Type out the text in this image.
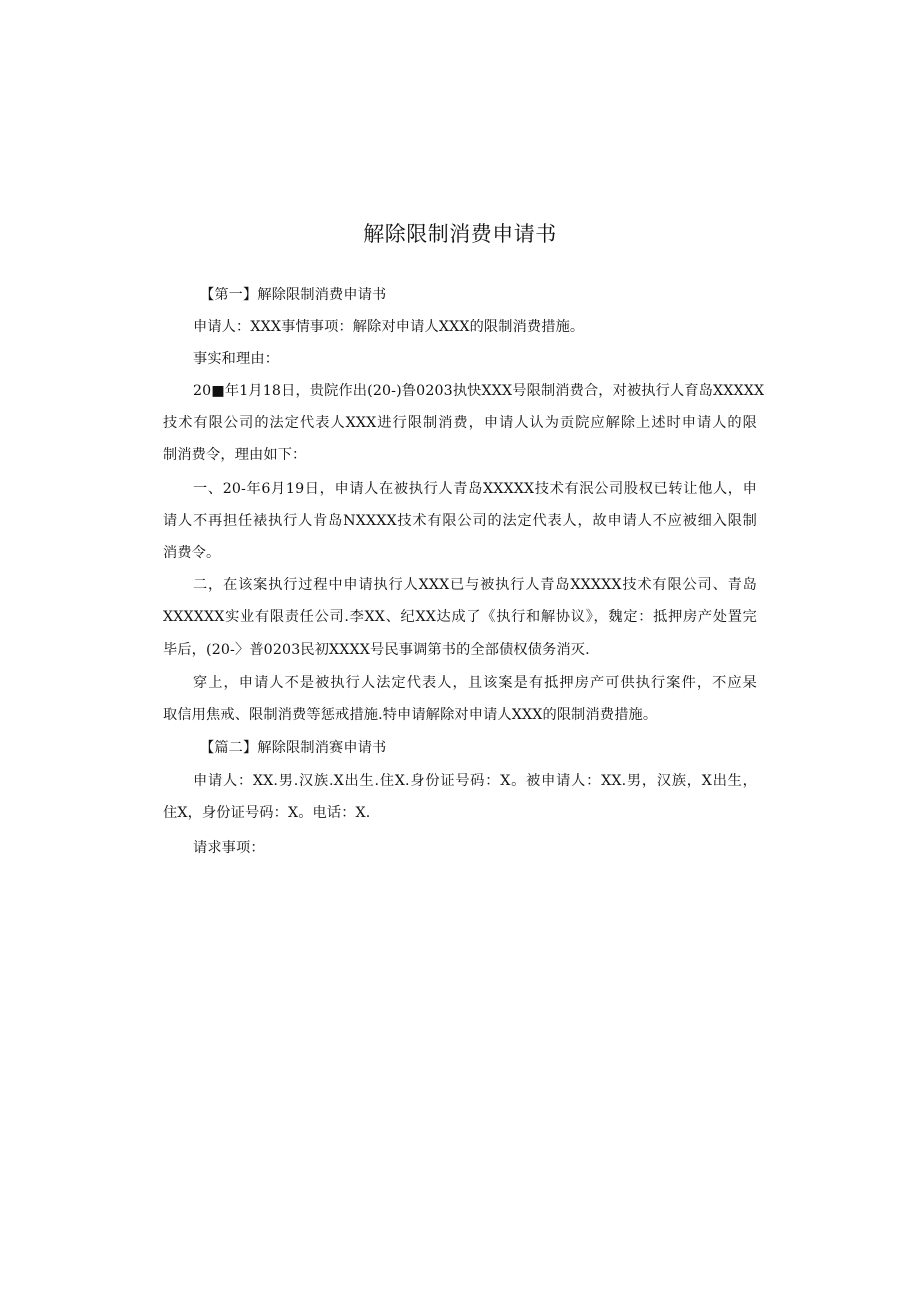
解除限制消费申请书
【第一】解除限制消费申请书
申请人：XXX事情事项：解除对申请人XXX的限制消费措施。
事实和理由：
20■年1月18日，贵院作出(20-)鲁0203执快XXX号限制消费合，对被执行人育岛XXXXX
技术有限公司的法定代表人XXX进行限制消费，申请人认为贡院应解除上述时申请人的限
制消费令，理由如下：
一、20-年6月19日，申请人在被执行人青岛XXXXX技术有泯公司股权已转让他人，申
请人不再担任裱执行人肯岛NXXXX技术有限公司的法定代表人，故申请人不应被细入限制
消费令。
二，在该案执行过程中申请执行人XXX已与被执行人青岛XXXXX技术有限公司、青岛
XXXXXX实业有限责任公司.李XX、纪XX达成了《执行和解协议》，魏定：抵押房产处置完
毕后，(20-〉普0203民初XXXX号民事调第书的全部债权债务消灭.
穿上，申请人不是被执行人法定代表人，且该案是有抵押房产可供执行案件，不应杲
取信用焦戒、限制消费等惩戒措施.特申请解除对申请人XXX的限制消费措施。
【篇二】解除限制消赛申请书
申请人：XX.男.汉族.X出生.住X.身份证号码：X。被申请人：XX.男，汉族，X出生，
住X，身份证号码：X。电话：X.
请求事项：
